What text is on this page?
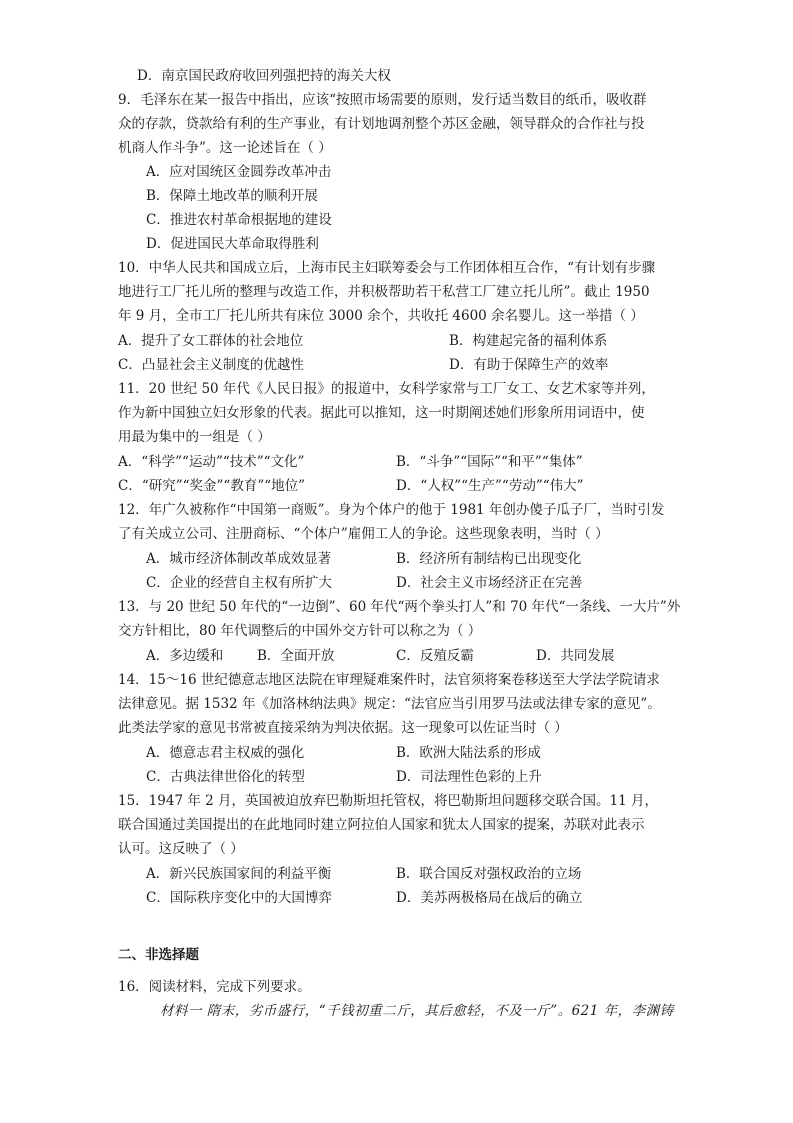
D．南京国民政府收回列强把持的海关大权
9．毛泽东在某一报告中指出，应该“按照市场需要的原则，发行适当数目的纸币，吸收群
众的存款，贷款给有利的生产事业，有计划地调剂整个苏区金融，领导群众的合作社与投
机商人作斗争”。这一论述旨在（ ）
A．应对国统区金圆券改革冲击
B．保障土地改革的顺利开展
C．推进农村革命根据地的建设
D．促进国民大革命取得胜利
10．中华人民共和国成立后，上海市民主妇联筹委会与工作团体相互合作，“有计划有步骤
地进行工厂托儿所的整理与改造工作，并积极帮助若干私营工厂建立托儿所”。截止 1950
年 9 月，全市工厂托儿所共有床位 3000 余个，共收托 4600 余名婴儿。这一举措（ ）
A．提升了女工群体的社会地位	B．构建起完备的福利体系
C．凸显社会主义制度的优越性	D．有助于保障生产的效率
11．20 世纪 50 年代《人民日报》的报道中，女科学家常与工厂女工、女艺术家等并列，
作为新中国独立妇女形象的代表。据此可以推知，这一时期阐述她们形象所用词语中，使
用最为集中的一组是（ ）
A．“科学”“运动”“技术”“文化”	B．“斗争”“国际”“和平”“集体”
C．“研究”“奖金”“教育”“地位”	D．“人权”“生产”“劳动”“伟大”
12．年广久被称作“中国第一商贩”。身为个体户的他于 1981 年创办傻子瓜子厂，当时引发
了有关成立公司、注册商标、“个体户”雇佣工人的争论。这些现象表明，当时（ ）
A．城市经济体制改革成效显著	B．经济所有制结构已出现变化
C．企业的经营自主权有所扩大	D．社会主义市场经济正在完善
13．与 20 世纪 50 年代的“一边倒”、60 年代“两个拳头打人”和 70 年代“一条线、一大片”外
交方针相比，80 年代调整后的中国外交方针可以称之为（ ）
A．多边缓和	B．全面开放	C．反殖反霸	D．共同发展
14．15～16 世纪德意志地区法院在审理疑难案件时，法官须将案卷移送至大学法学院请求
法律意见。据 1532 年《加洛林纳法典》规定：“法官应当引用罗马法或法律专家的意见”。
此类法学家的意见书常被直接采纳为判决依据。这一现象可以佐证当时（ ）
A．德意志君主权威的强化	B．欧洲大陆法系的形成
C．古典法律世俗化的转型	D．司法理性色彩的上升
15．1947 年 2 月，英国被迫放弃巴勒斯坦托管权，将巴勒斯坦问题移交联合国。11 月，
联合国通过美国提出的在此地同时建立阿拉伯人国家和犹太人国家的提案，苏联对此表示
认可。这反映了（ ）
A．新兴民族国家间的利益平衡	B．联合国反对强权政治的立场
C．国际秩序变化中的大国博弈	D．美苏两极格局在战后的确立
二、非选择题
16．阅读材料，完成下列要求。
材料一 隋末，劣币盛行，“千钱初重二斤，其后愈轻，不及一斤”。621 年，李渊铸
